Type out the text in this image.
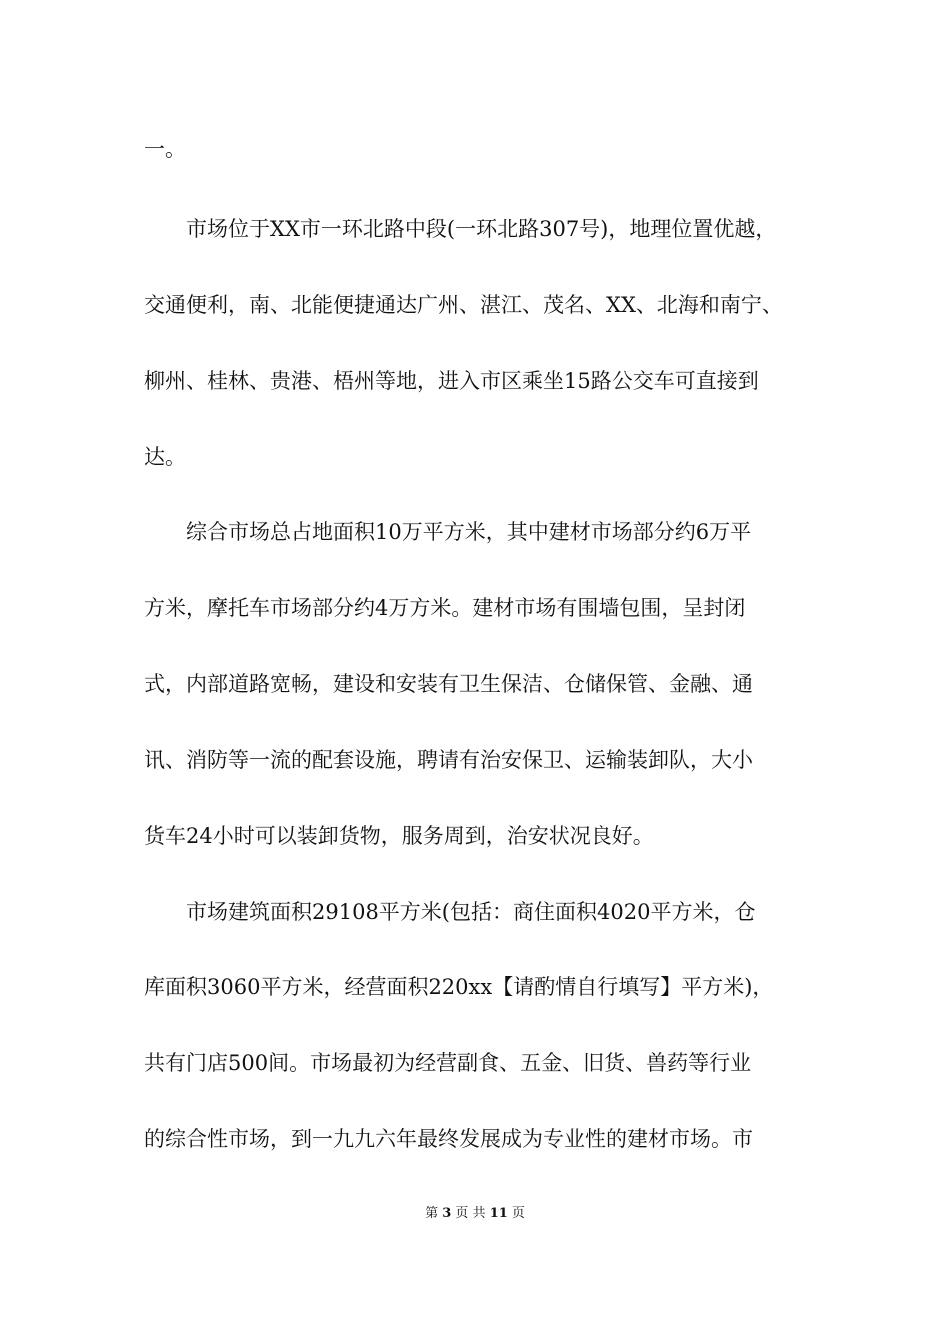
一。
　　市场位于XX市一环北路中段(一环北路307号)，地理位置优越，
交通便利，南、北能便捷通达广州、湛江、茂名、XX、北海和南宁、
柳州、桂林、贵港、梧州等地，进入市区乘坐15路公交车可直接到
达。
　　综合市场总占地面积10万平方米，其中建材市场部分约6万平
方米，摩托车市场部分约4万方米。建材市场有围墙包围，呈封闭
式，内部道路宽畅，建设和安装有卫生保洁、仓储保管、金融、通
讯、消防等一流的配套设施，聘请有治安保卫、运输装卸队，大小
货车24小时可以装卸货物，服务周到，治安状况良好。
　　市场建筑面积29108平方米(包括：商住面积4020平方米，仓
库面积3060平方米，经营面积220xx【请酌情自行填写】平方米)，
共有门店500间。市场最初为经营副食、五金、旧货、兽药等行业
的综合性市场，到一九九六年最终发展成为专业性的建材市场。市
第 3 页 共 11 页
